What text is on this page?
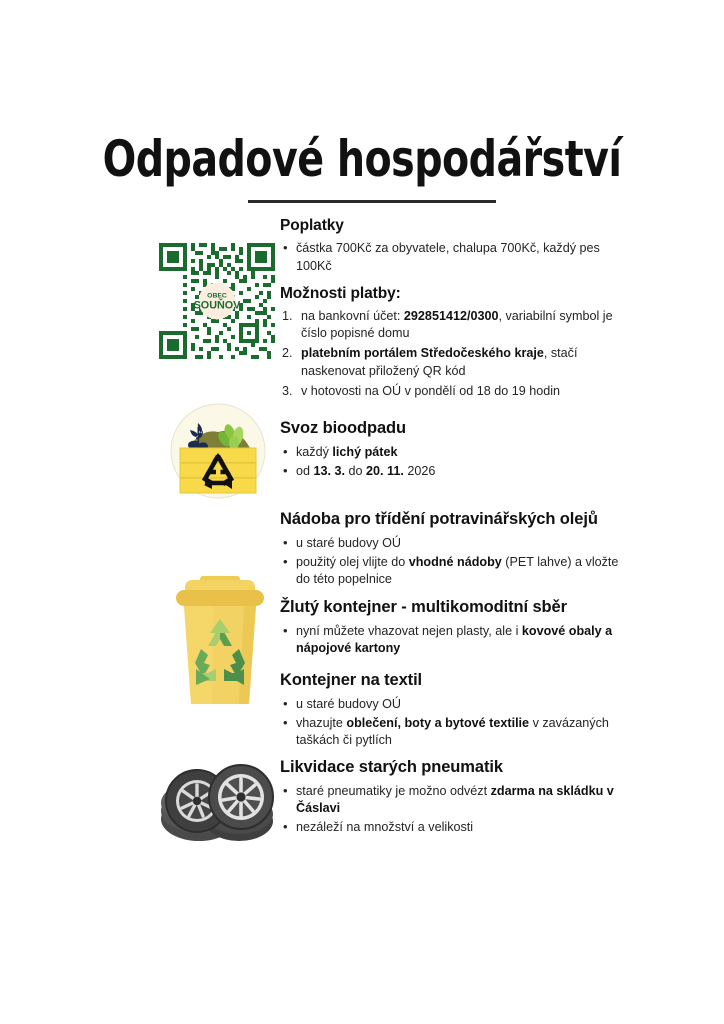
Odpadové hospodářství
OBEC
SOUŇOV
Poplatky
• částka 700Kč za obyvatele, chalupa 700Kč, každý pes 100Kč
Možnosti platby:
na bankovní účet: 292851412/0300, variabilní symbol je číslo popisné domu
platebním portálem Středočeského kraje, stačí naskenovat přiložený QR kód
v hotovosti na OÚ v pondělí od 18 do 19 hodin
Svoz bioodpadu
• každý lichý pátek
• od 13. 3. do 20. 11. 2026
Nádoba pro třídění potravinářských olejů
• u staré budovy OÚ
• použitý olej vlijte do vhodné nádoby (PET lahve) a vložte do této popelnice
Žlutý kontejner - multikomoditní sběr
• nyní můžete vhazovat nejen plasty, ale i kovové obaly a nápojové kartony
Kontejner na textil
• u staré budovy OÚ
• vhazujte oblečení, boty a bytové textilie v zavázaných taškách či pytlích
Likvidace starých pneumatik
• staré pneumatiky je možno odvézt zdarma na skládku v Čáslavi
• nezáleží na množství a velikosti
